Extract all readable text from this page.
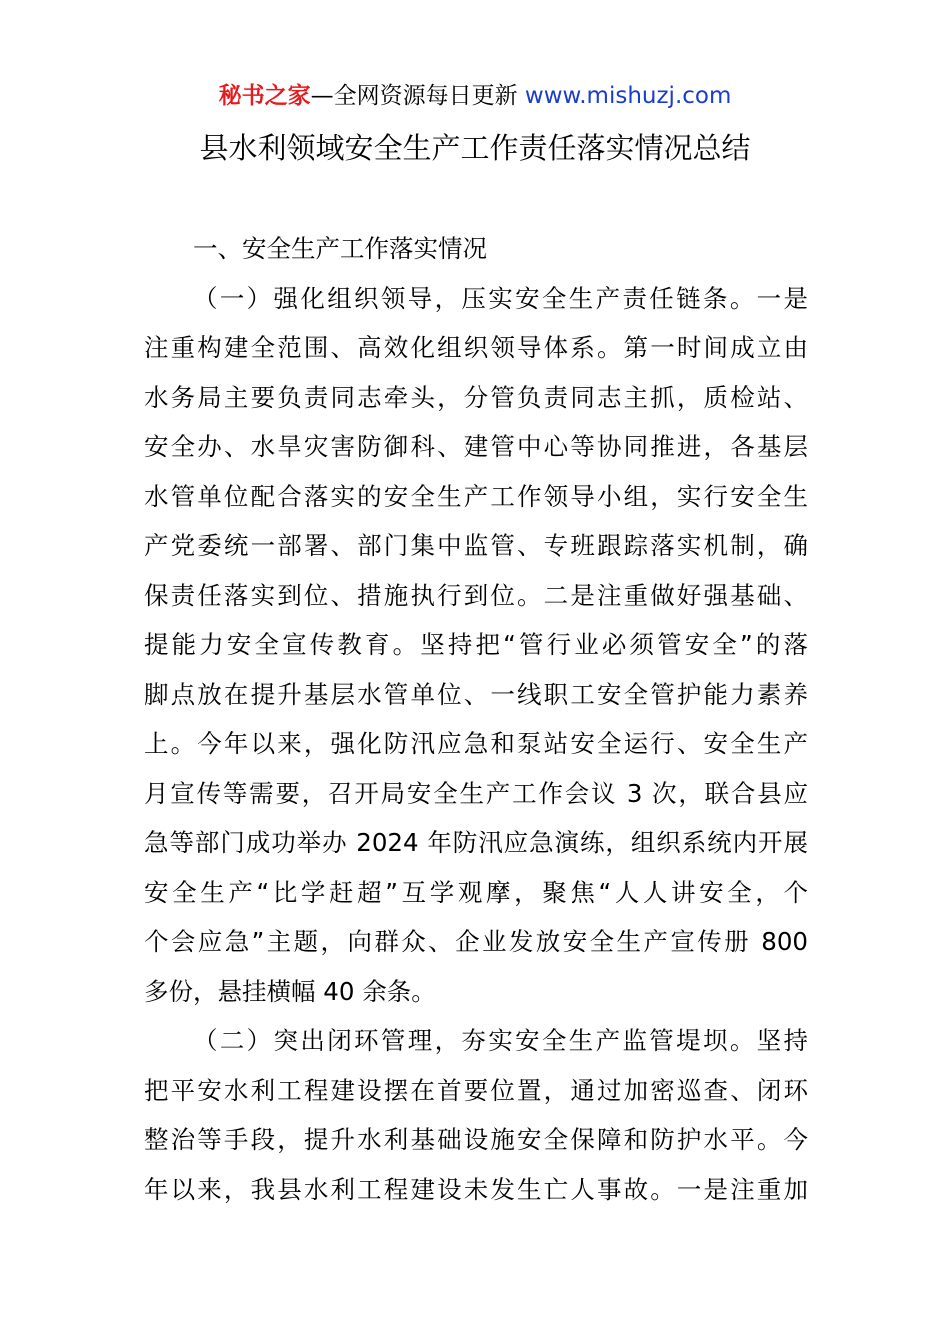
秘书之家—全网资源每日更新 www.mishuzj.com
县水利领域安全生产工作责任落实情况总结
一、安全生产工作落实情况
（一）强化组织领导，压实安全生产责任链条。一是
注重构建全范围、高效化组织领导体系。第一时间成立由
水务局主要负责同志牵头，分管负责同志主抓，质检站、
安全办、水旱灾害防御科、建管中心等协同推进，各基层
水管单位配合落实的安全生产工作领导小组，实行安全生
产党委统一部署、部门集中监管、专班跟踪落实机制，确
保责任落实到位、措施执行到位。二是注重做好强基础、
提能力安全宣传教育。坚持把“管行业必须管安全”的落
脚点放在提升基层水管单位、一线职工安全管护能力素养
上。今年以来，强化防汛应急和泵站安全运行、安全生产
月宣传等需要，召开局安全生产工作会议 3 次，联合县应
急等部门成功举办 2024 年防汛应急演练，组织系统内开展
安全生产“比学赶超”互学观摩，聚焦“人人讲安全，个
个会应急”主题，向群众、企业发放安全生产宣传册 800
多份，悬挂横幅 40 余条。
（二）突出闭环管理，夯实安全生产监管堤坝。坚持
把平安水利工程建设摆在首要位置，通过加密巡查、闭环
整治等手段，提升水利基础设施安全保障和防护水平。今
年以来，我县水利工程建设未发生亡人事故。一是注重加
